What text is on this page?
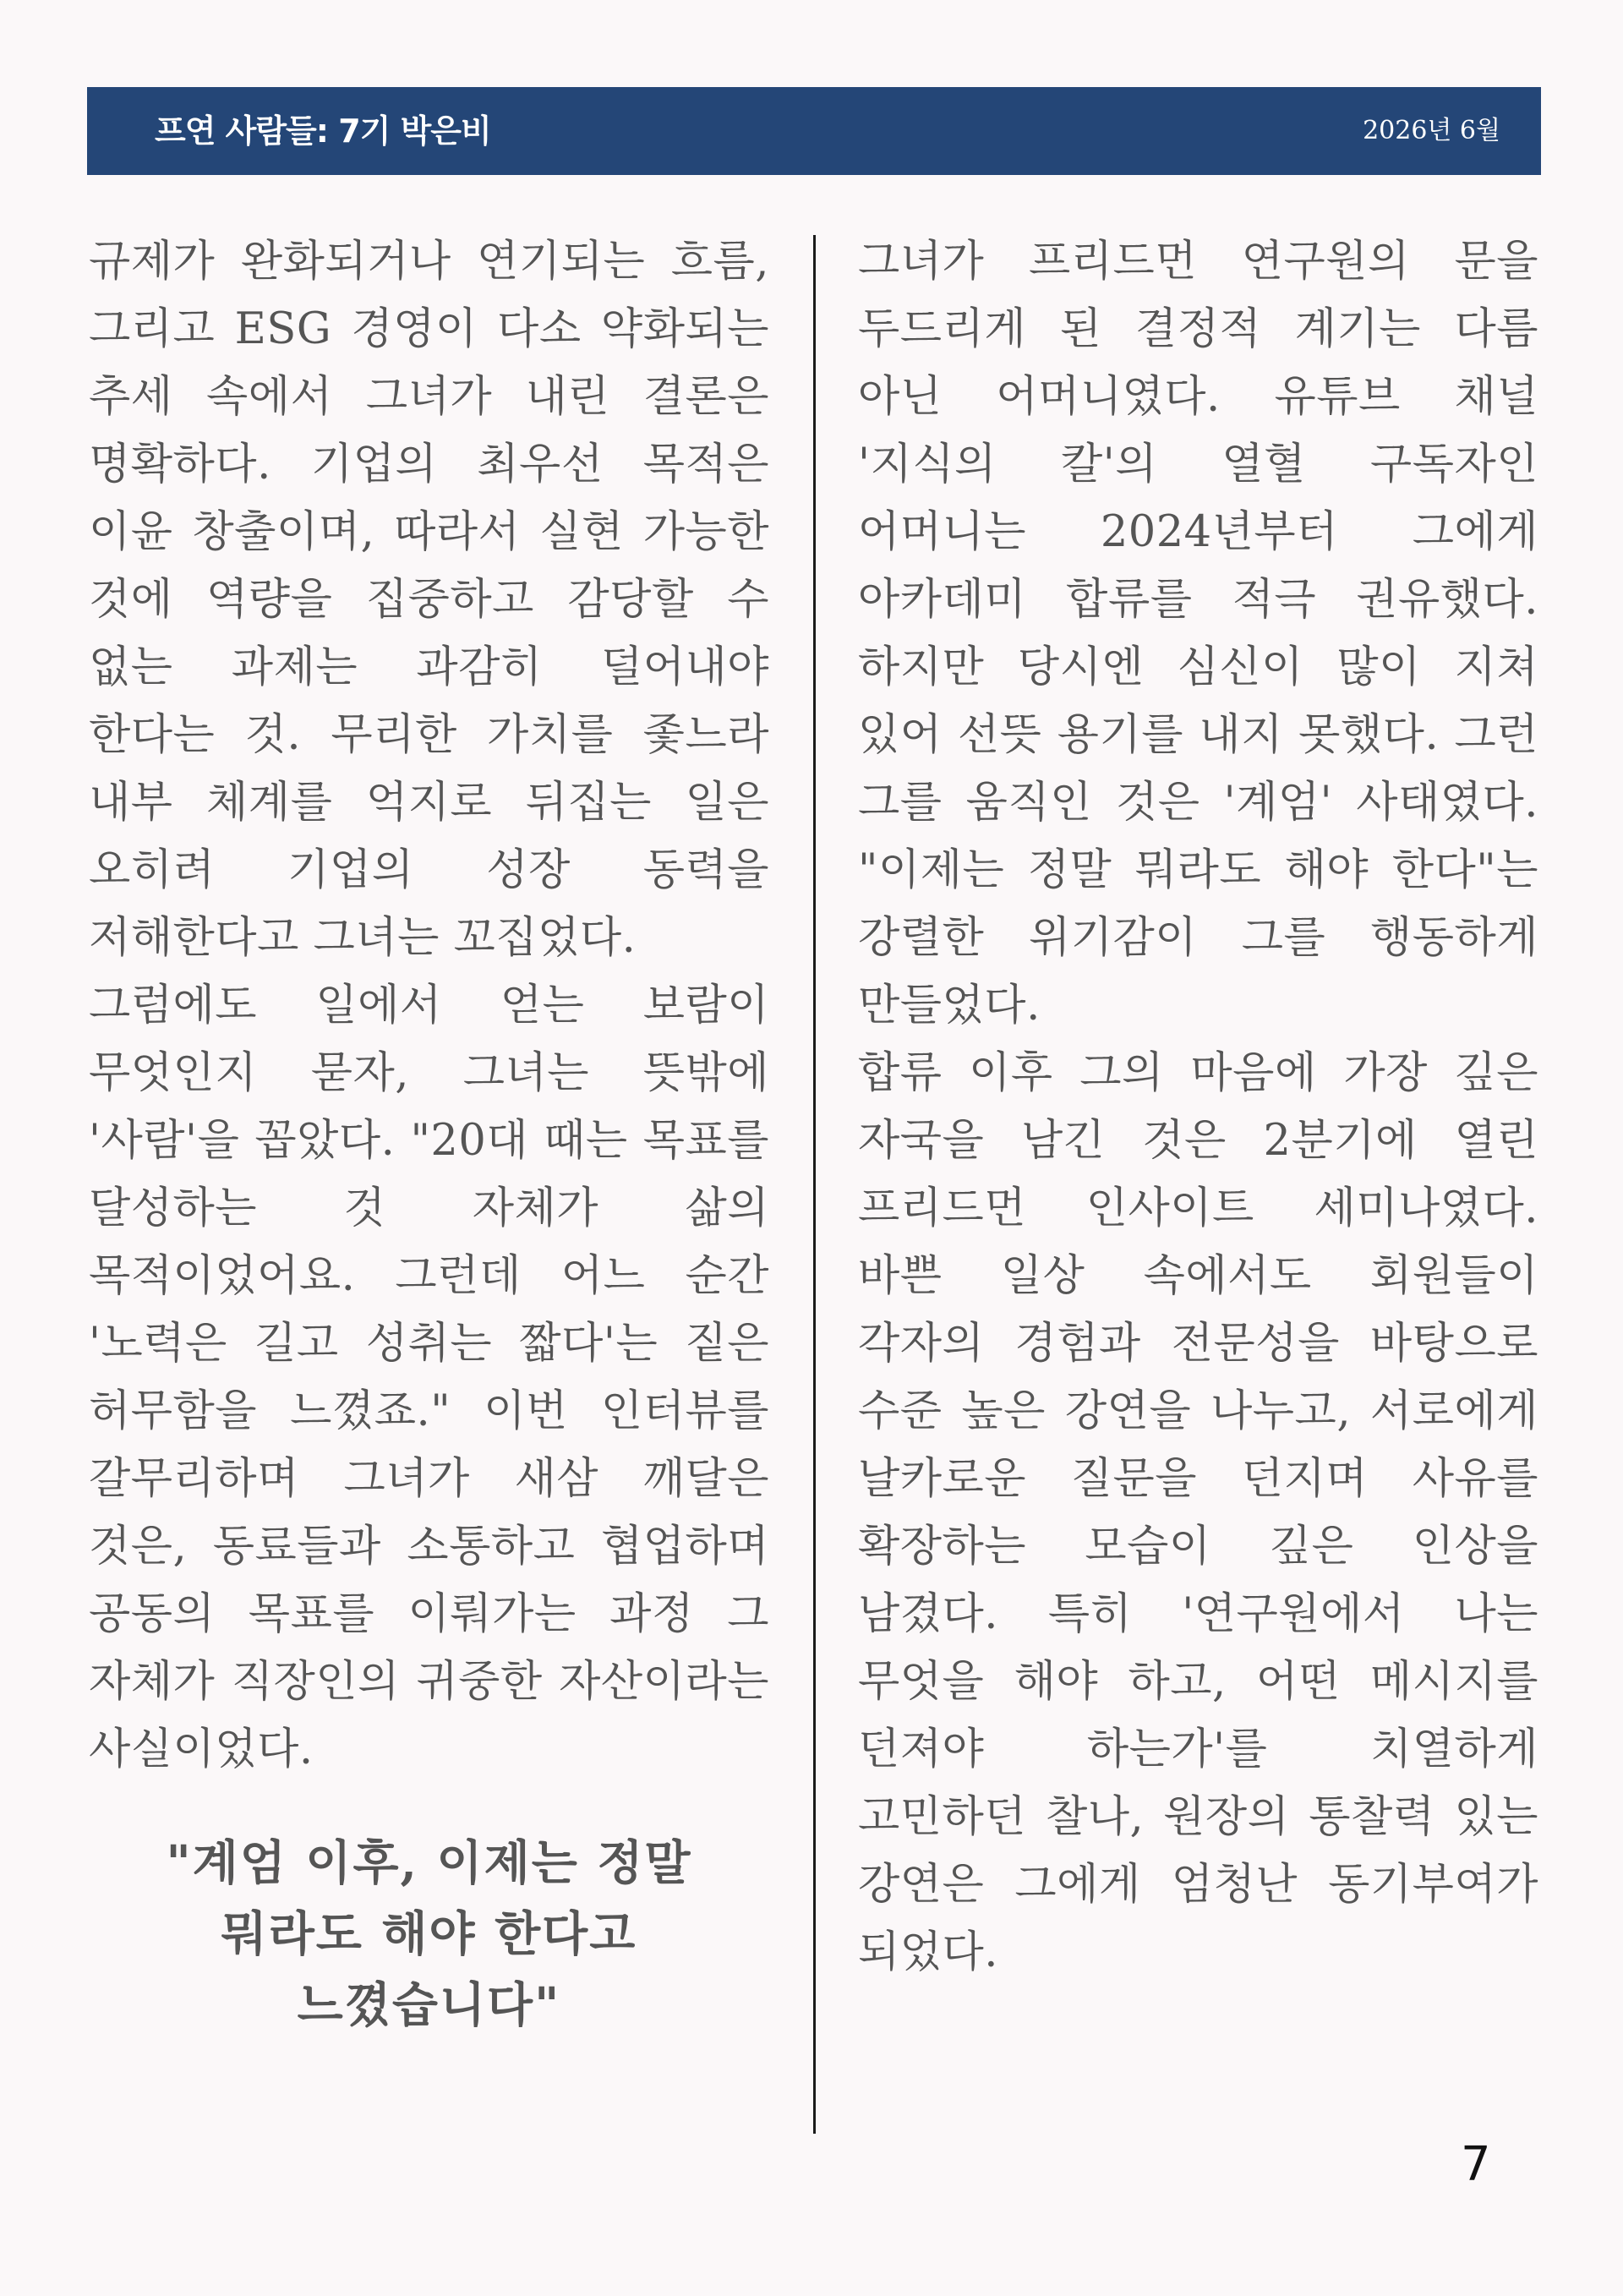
프연 사람들: 7기 박은비	2026년 6월

규제가 완화되거나 연기되는 흐름, 그리고 ESG 경영이 다소 약화되는 추세 속에서 그녀가 내린 결론은 명확하다. 기업의 최우선 목적은 이윤 창출이며, 따라서 실현 가능한 것에 역량을 집중하고 감당할 수 없는 과제는 과감히 덜어내야 한다는 것. 무리한 가치를 좇느라 내부 체계를 억지로 뒤집는 일은 오히려 기업의 성장 동력을 저해한다고 그녀는 꼬집었다.

그럼에도 일에서 얻는 보람이 무엇인지 묻자, 그녀는 뜻밖에 '사람'을 꼽았다. "20대 때는 목표를 달성하는 것 자체가 삶의 목적이었어요. 그런데 어느 순간 '노력은 길고 성취는 짧다'는 짙은 허무함을 느꼈죠." 이번 인터뷰를 갈무리하며 그녀가 새삼 깨달은 것은, 동료들과 소통하고 협업하며 공동의 목표를 이뤄가는 과정 그 자체가 직장인의 귀중한 자산이라는 사실이었다.

"계엄 이후, 이제는 정말 뭐라도 해야 한다고 느꼈습니다"

그녀가 프리드먼 연구원의 문을 두드리게 된 결정적 계기는 다름 아닌 어머니였다. 유튜브 채널 '지식의 칼'의 열혈 구독자인 어머니는 2024년부터 그에게 아카데미 합류를 적극 권유했다. 하지만 당시엔 심신이 많이 지쳐 있어 선뜻 용기를 내지 못했다. 그런 그를 움직인 것은 '계엄' 사태였다. "이제는 정말 뭐라도 해야 한다"는 강렬한 위기감이 그를 행동하게 만들었다.

합류 이후 그의 마음에 가장 깊은 자국을 남긴 것은 2분기에 열린 프리드먼 인사이트 세미나였다. 바쁜 일상 속에서도 회원들이 각자의 경험과 전문성을 바탕으로 수준 높은 강연을 나누고, 서로에게 날카로운 질문을 던지며 사유를 확장하는 모습이 깊은 인상을 남겼다. 특히 '연구원에서 나는 무엇을 해야 하고, 어떤 메시지를 던져야 하는가'를 치열하게 고민하던 찰나, 원장의 통찰력 있는 강연은 그에게 엄청난 동기부여가 되었다.

7
